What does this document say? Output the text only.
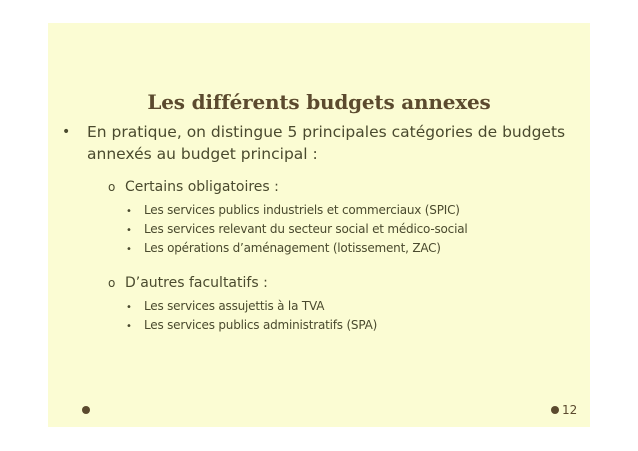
Les différents budgets annexes
• En pratique, on distingue 5 principales catégories de budgets annexés au budget principal :
o Certains obligatoires :
• Les services publics industriels et commerciaux (SPIC)
• Les services relevant du secteur social et médico-social
• Les opérations d’aménagement (lotissement, ZAC)
o D’autres facultatifs :
• Les services assujettis à la TVA
• Les services publics administratifs (SPA)
12
